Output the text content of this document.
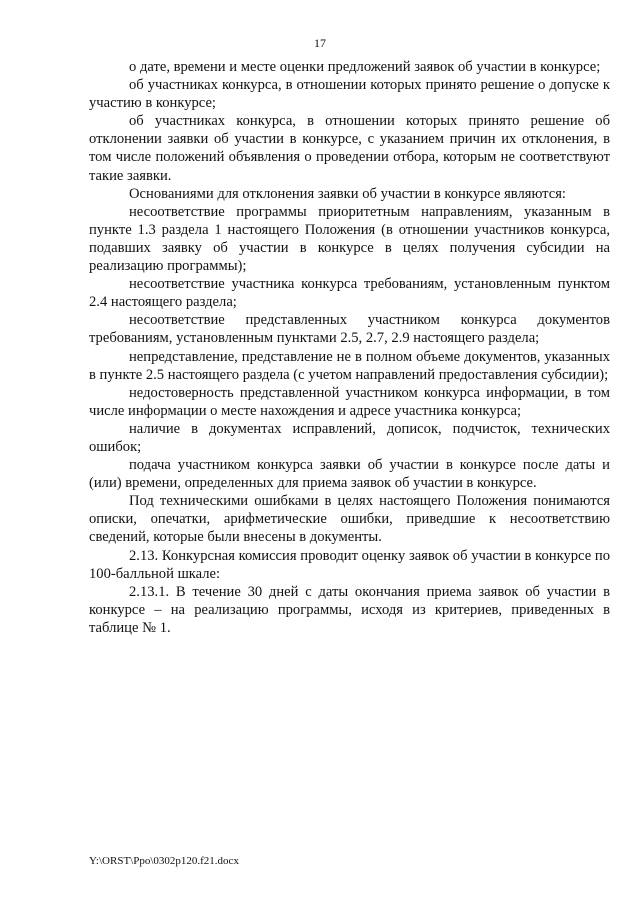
17

о дате, времени и месте оценки предложений заявок об участии в конкурсе;

об участниках конкурса, в отношении которых принято решение о допуске к участию в конкурсе;

об участниках конкурса, в отношении которых принято решение об отклонении заявки об участии в конкурсе, с указанием причин их отклонения, в том числе положений объявления о проведении отбора, которым не соответствуют такие заявки.

Основаниями для отклонения заявки об участии в конкурсе являются:

несоответствие программы приоритетным направлениям, указанным в пункте 1.3 раздела 1 настоящего Положения (в отношении участников конкурса, подавших заявку об участии в конкурсе в целях получения субсидии на реализацию программы);

несоответствие участника конкурса требованиям, установленным пунктом 2.4 настоящего раздела;

несоответствие представленных участником конкурса документов требованиям, установленным пунктами 2.5, 2.7, 2.9 настоящего раздела;

непредставление, представление не в полном объеме документов, указанных в пункте 2.5 настоящего раздела (с учетом направлений предоставления субсидии);

недостоверность представленной участником конкурса информации, в том числе информации о месте нахождения и адресе участника конкурса;

наличие в документах исправлений, дописок, подчисток, технических ошибок;

подача участником конкурса заявки об участии в конкурсе после даты и (или) времени, определенных для приема заявок об участии в конкурсе.

Под техническими ошибками в целях настоящего Положения понимаются описки, опечатки, арифметические ошибки, приведшие к несоответствию сведений, которые были внесены в документы.

2.13. Конкурсная комиссия проводит оценку заявок об участии в конкурсе по 100-балльной шкале:

2.13.1. В течение 30 дней с даты окончания приема заявок об участии в конкурсе – на реализацию программы, исходя из критериев, приведенных в таблице № 1.

Y:\ORST\Ppo\0302p120.f21.docx
